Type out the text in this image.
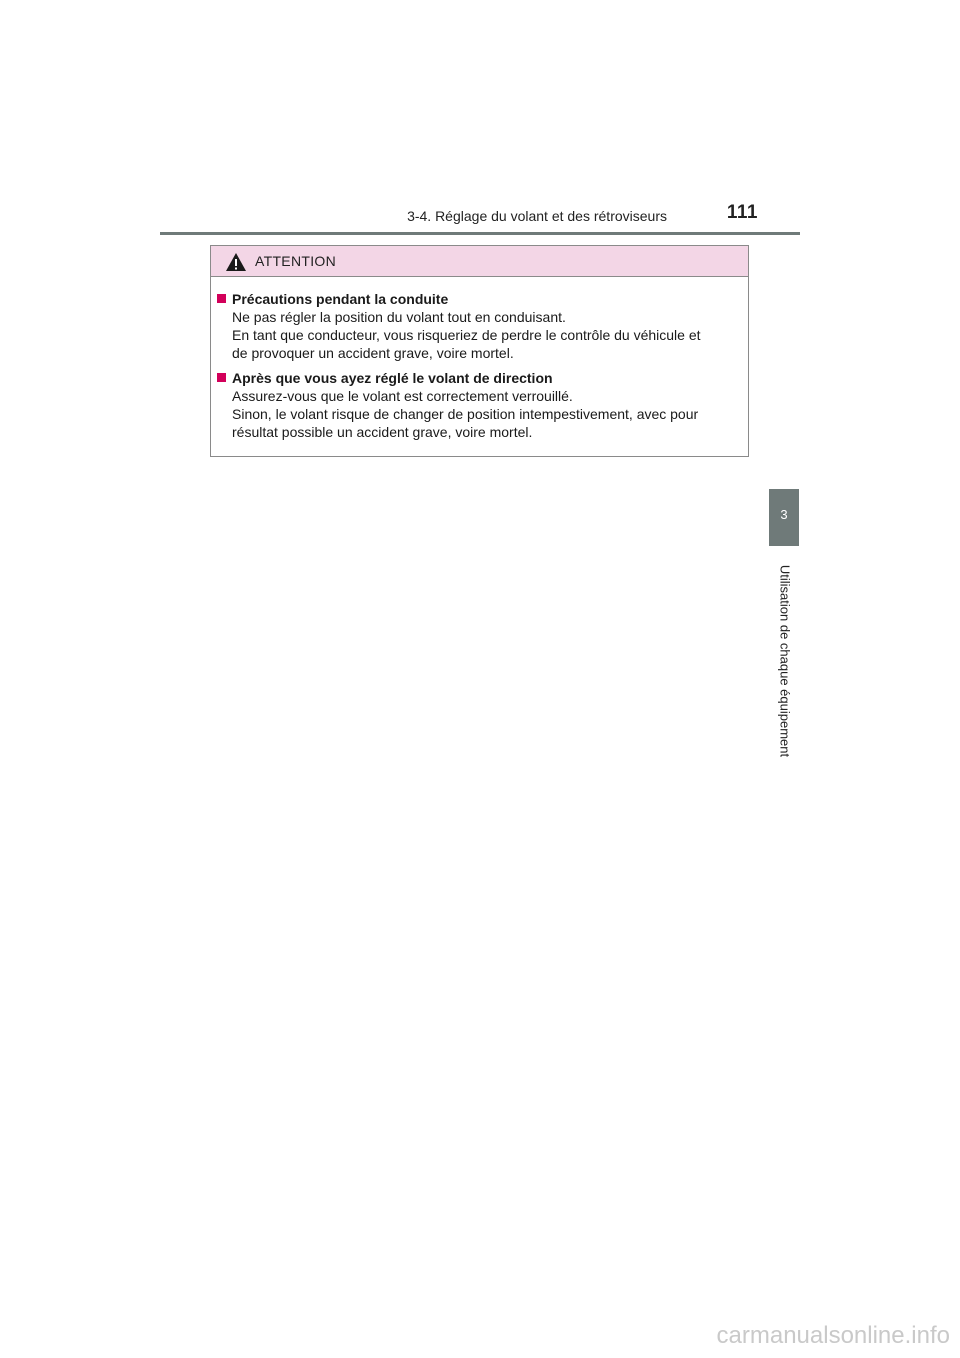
3-4. Réglage du volant et des rétroviseurs	111
ATTENTION
Précautions pendant la conduite
Ne pas régler la position du volant tout en conduisant.
En tant que conducteur, vous risqueriez de perdre le contrôle du véhicule et
de provoquer un accident grave, voire mortel.
Après que vous ayez réglé le volant de direction
Assurez-vous que le volant est correctement verrouillé.
Sinon, le volant risque de changer de position intempestivement, avec pour
résultat possible un accident grave, voire mortel.
3
Utilisation de chaque équipement
carmanualsonline.info
